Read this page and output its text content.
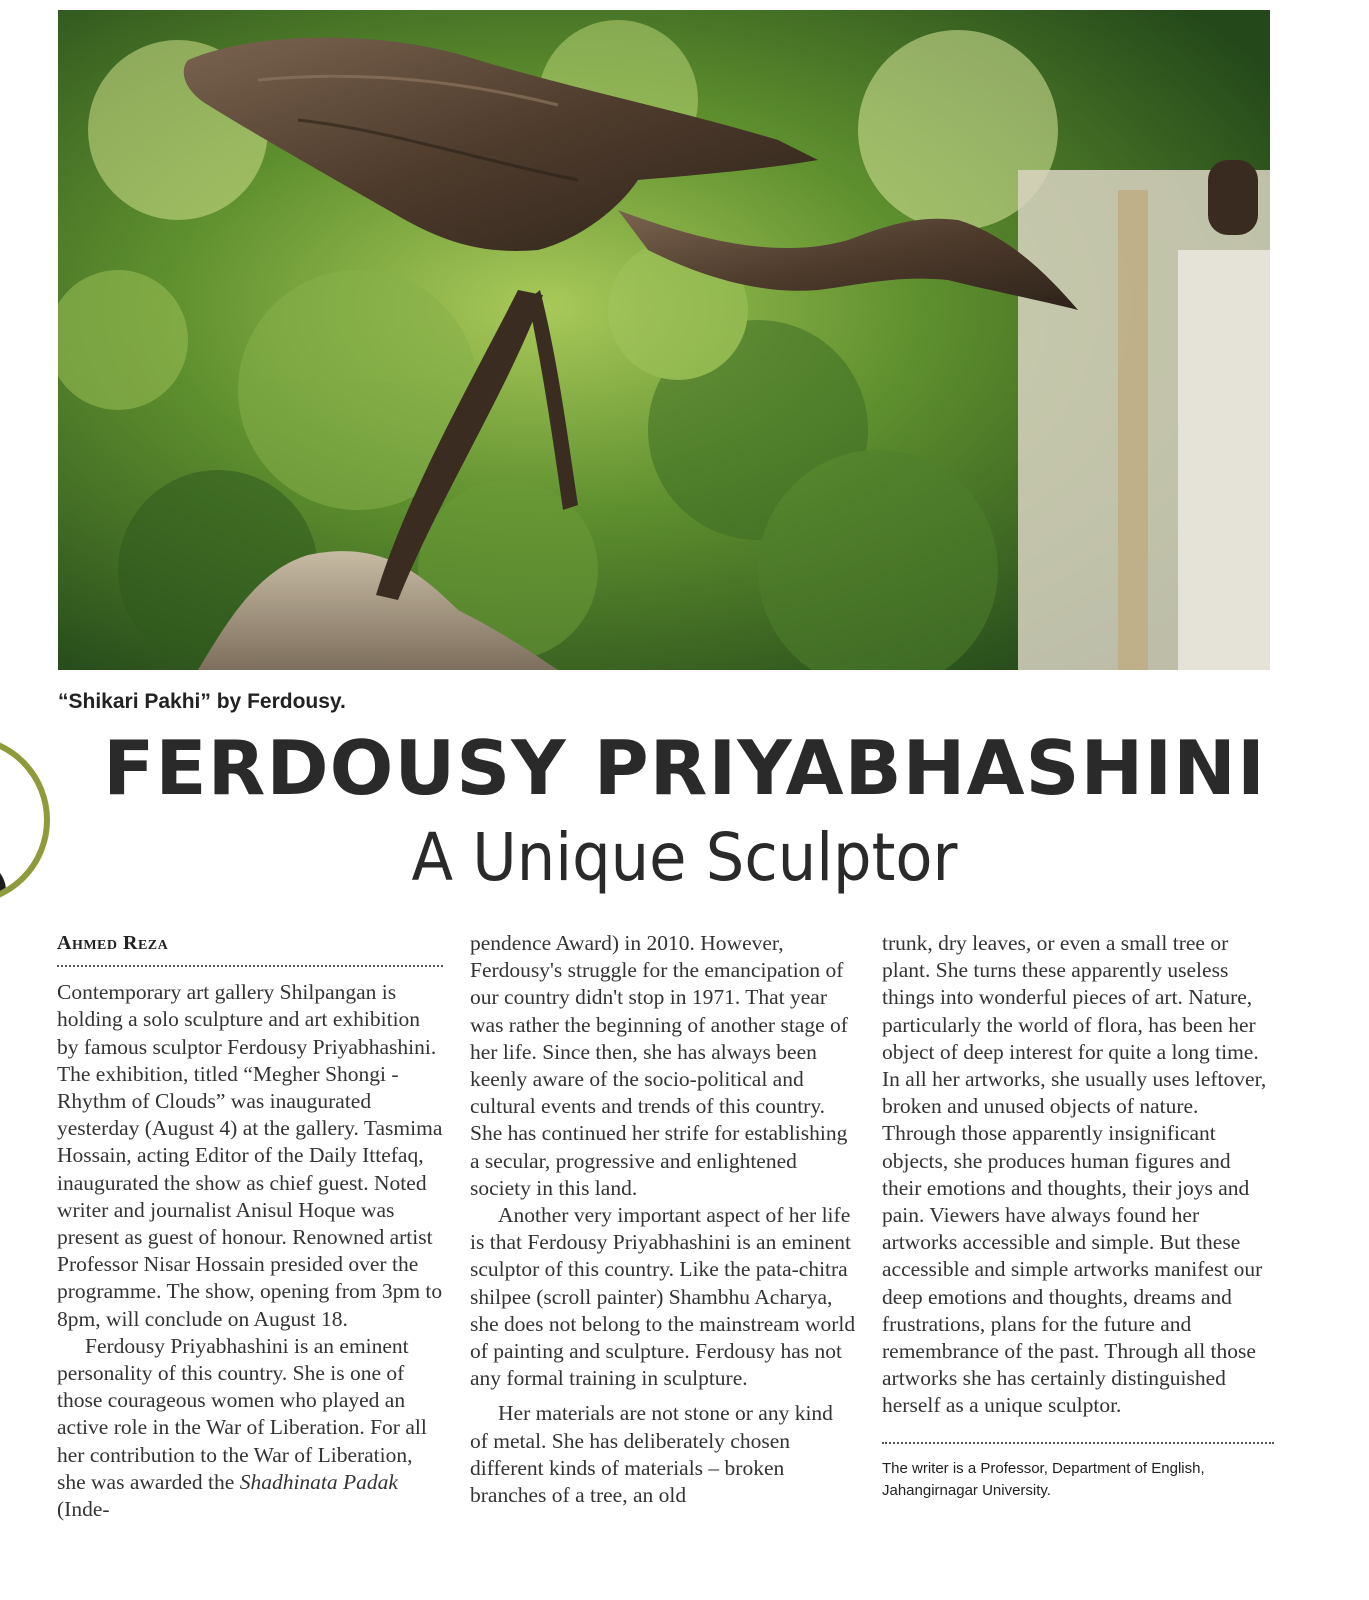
“Shikari Pakhi” by Ferdousy.
FERDOUSY PRIYABHASHINI
A Unique Sculptor
Ahmed Reza

Contemporary art gallery Shilpangan is holding a solo sculpture and art exhibition by famous sculptor Ferdousy Priyabhashini. The exhibition, titled “Megher Shongi - Rhythm of Clouds” was inaugurated yesterday (August 4) at the gallery. Tasmima Hossain, acting Editor of the Daily Ittefaq, inaugurated the show as chief guest. Noted writer and journalist Anisul Hoque was present as guest of honour. Renowned artist Professor Nisar Hossain presided over the programme. The show, opening from 3pm to 8pm, will conclude on August 18.

Ferdousy Priyabhashini is an eminent personality of this country. She is one of those courageous women who played an active role in the War of Liberation. For all her contribution to the War of Liberation, she was awarded the Shadhinata Padak (Inde-

pendence Award) in 2010. However, Ferdousy's struggle for the emancipation of our country didn't stop in 1971. That year was rather the beginning of another stage of her life. Since then, she has always been keenly aware of the socio-political and cultural events and trends of this country. She has continued her strife for establishing a secular, progressive and enlightened society in this land.

Another very important aspect of her life is that Ferdousy Priyabhashini is an eminent sculptor of this country. Like the pata-chitra shilpee (scroll painter) Shambhu Acharya, she does not belong to the mainstream world of painting and sculpture. Ferdousy has not any formal training in sculpture.

Her materials are not stone or any kind of metal. She has deliberately chosen different kinds of materials – broken branches of a tree, an old

trunk, dry leaves, or even a small tree or plant. She turns these apparently useless things into wonderful pieces of art. Nature, particularly the world of flora, has been her object of deep interest for quite a long time. In all her artworks, she usually uses leftover, broken and unused objects of nature. Through those apparently insignificant objects, she produces human figures and their emotions and thoughts, their joys and pain. Viewers have always found her artworks accessible and simple. But these accessible and simple artworks manifest our deep emotions and thoughts, dreams and frustrations, plans for the future and remembrance of the past. Through all those artworks she has certainly distinguished herself as a unique sculptor.

The writer is a Professor, Department of English, Jahangirnagar University.
